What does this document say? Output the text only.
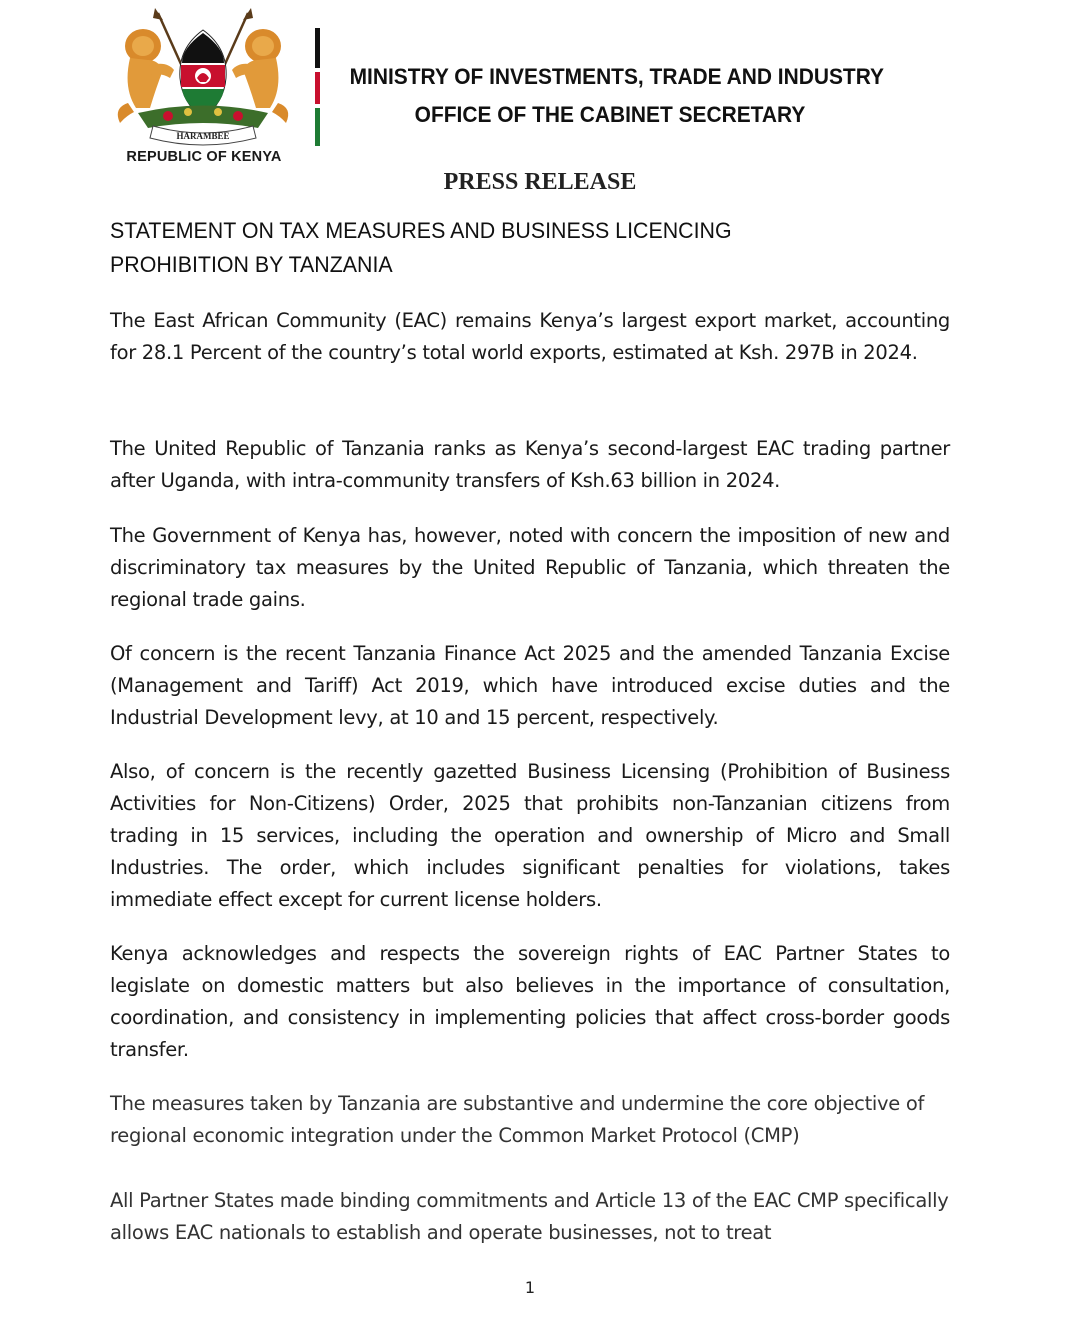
HARAMBEE
REPUBLIC OF KENYA
MINISTRY OF INVESTMENTS, TRADE AND INDUSTRY
OFFICE OF THE CABINET SECRETARY
PRESS RELEASE
STATEMENT ON TAX MEASURES AND BUSINESS LICENCING
PROHIBITION BY TANZANIA
The East African Community (EAC) remains Kenya’s largest export market, accounting for 28.1 Percent of the country’s total world exports, estimated at Ksh. 297B in 2024.
The United Republic of Tanzania ranks as Kenya’s second-largest EAC trading partner after Uganda, with intra-community transfers of Ksh.63 billion in 2024.
The Government of Kenya has, however, noted with concern the imposition of new and discriminatory tax measures by the United Republic of Tanzania, which threaten the regional trade gains.
Of concern is the recent Tanzania Finance Act 2025 and the amended Tanzania Excise (Management and Tariff) Act 2019, which have introduced excise duties and the Industrial Development levy, at 10 and 15 percent, respectively.
Also, of concern is the recently gazetted Business Licensing (Prohibition of Business Activities for Non-Citizens) Order, 2025 that prohibits non-Tanzanian citizens from trading in 15 services, including the operation and ownership of Micro and Small Industries. The order, which includes significant penalties for violations, takes immediate effect except for current license holders.
Kenya acknowledges and respects the sovereign rights of EAC Partner States to legislate on domestic matters but also believes in the importance of consultation, coordination, and consistency in implementing policies that affect cross-border goods transfer.
The measures taken by Tanzania are substantive and undermine the core objective of regional economic integration under the Common Market Protocol (CMP)
All Partner States made binding commitments and Article 13 of the EAC CMP specifically allows EAC nationals to establish and operate businesses, not to treat
1
